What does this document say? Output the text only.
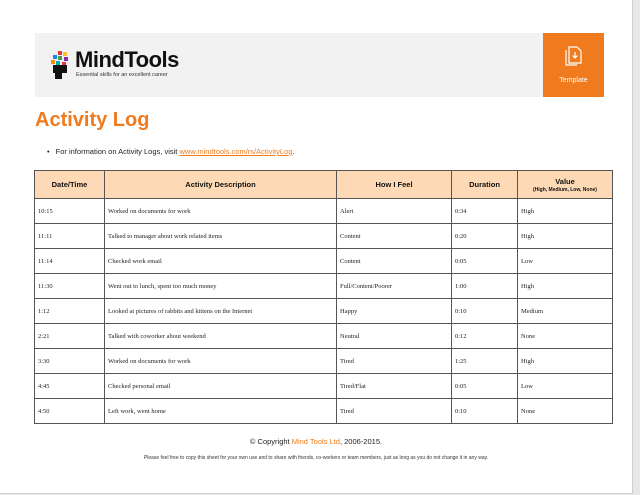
MindTools
Essential skills for an excellent career
Template
Activity Log
• For information on Activity Logs, visit www.mindtools.com/rs/ActivityLog.
Date/Time	Activity Description	How I Feel	Duration	Value
(High, Medium, Low, None)

10:15	Worked on documents for work	Alert	0:34	High
11:11	Talked to manager about work related items	Content	0:20	High
11:14	Checked work email	Content	0:05	Low
11:30	Went out to lunch, spent too much money	Full/Content/Poorer	1:00	High
1:12	Looked at pictures of rabbits and kittens on the Internet	Happy	0:10	Medium
2:21	Talked with coworker about weekend	Neutral	0:12	None
3:30	Worked on documents for work	Tired	1:25	High
4:45	Checked personal email	Tired/Flat	0:05	Low
4:50	Left work, went home	Tired	0:10	None
© Copyright Mind Tools Ltd, 2006-2015.
Please feel free to copy this sheet for your own use and to share with friends, co-workers or team members, just as long as you do not change it in any way.
